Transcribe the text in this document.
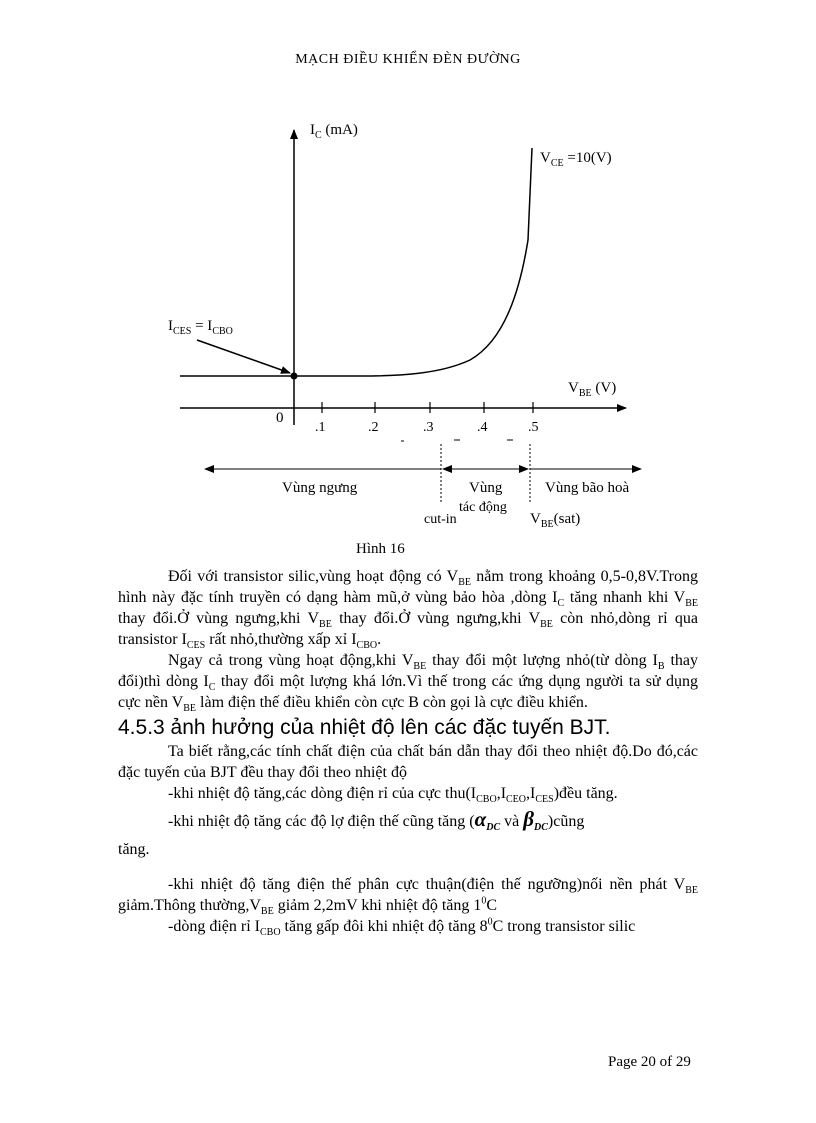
MẠCH ĐIỀU KHIỂN ĐÈN ĐƯỜNG
$I_C$ (mA)
$V_{CE} =10(V)$
$I_{CES} = I_{CBO}$
$V_{BE}$ (V)
0
.1	.2	.3	.4	.5
Vùng ngưng	Vùng
tác động
Vùng bão hoà
cut-in	$V_{BE}(sat)$
Hình 16

Đối với transistor silic,vùng hoạt động có $V_{BE}$ nằm trong khoảng 0,5-0,8V.Trong hình này đặc tính truyền có dạng hàm mũ,ở vùng bảo hòa ,dòng $I_C$ tăng nhanh khi $V_{BE}$ thay đổi.Ở vùng ngưng,khi $V_{BE}$ thay đổi.Ở vùng ngưng,khi $V_{BE}$ còn nhỏ,dòng rỉ qua transistor $I_{CES}$ rất nhỏ,thường xấp xỉ $I_{CBO}$.

Ngay cả trong vùng hoạt động,khi $V_{BE}$ thay đổi một lượng nhỏ(từ dòng $I_B$ thay đổi)thì dòng $I_C$ thay đổi một lượng khá lớn.Vì thế trong các ứng dụng người ta sử dụng cực nền $V_{BE}$ làm điện thế điều khiển còn cực B còn gọi là cực điều khiển.

4.5.3 ảnh hưởng của nhiệt độ lên các đặc tuyến BJT.

Ta biết rằng,các tính chất điện của chất bán dẫn thay đổi theo nhiệt độ.Do đó,các đặc tuyến của BJT đều thay đổi theo nhiệt độ

-khi nhiệt độ tăng,các dòng điện rỉ của cực $thu(I_{CBO},I_{CEO},I_{CES})đều$ tăng.

-khi nhiệt độ tăng các độ lợ điện thế cũng tăng ($\alpha_{DC}$ và $\beta_{DC})cũng$

tăng.

-khi nhiệt độ tăng điện thế phân cực thuận(điện thế ngưỡng)nối nền phát $V_{BE}$ giảm.Thông $thường,V_{BE}$ giảm 2,2mV khi nhiệt độ tăng $1^0C$

-dòng điện rỉ $I_{CBO}$ tăng gấp đôi khi nhiệt độ tăng $8^0C$ trong transistor silic

Page 20 of 29
